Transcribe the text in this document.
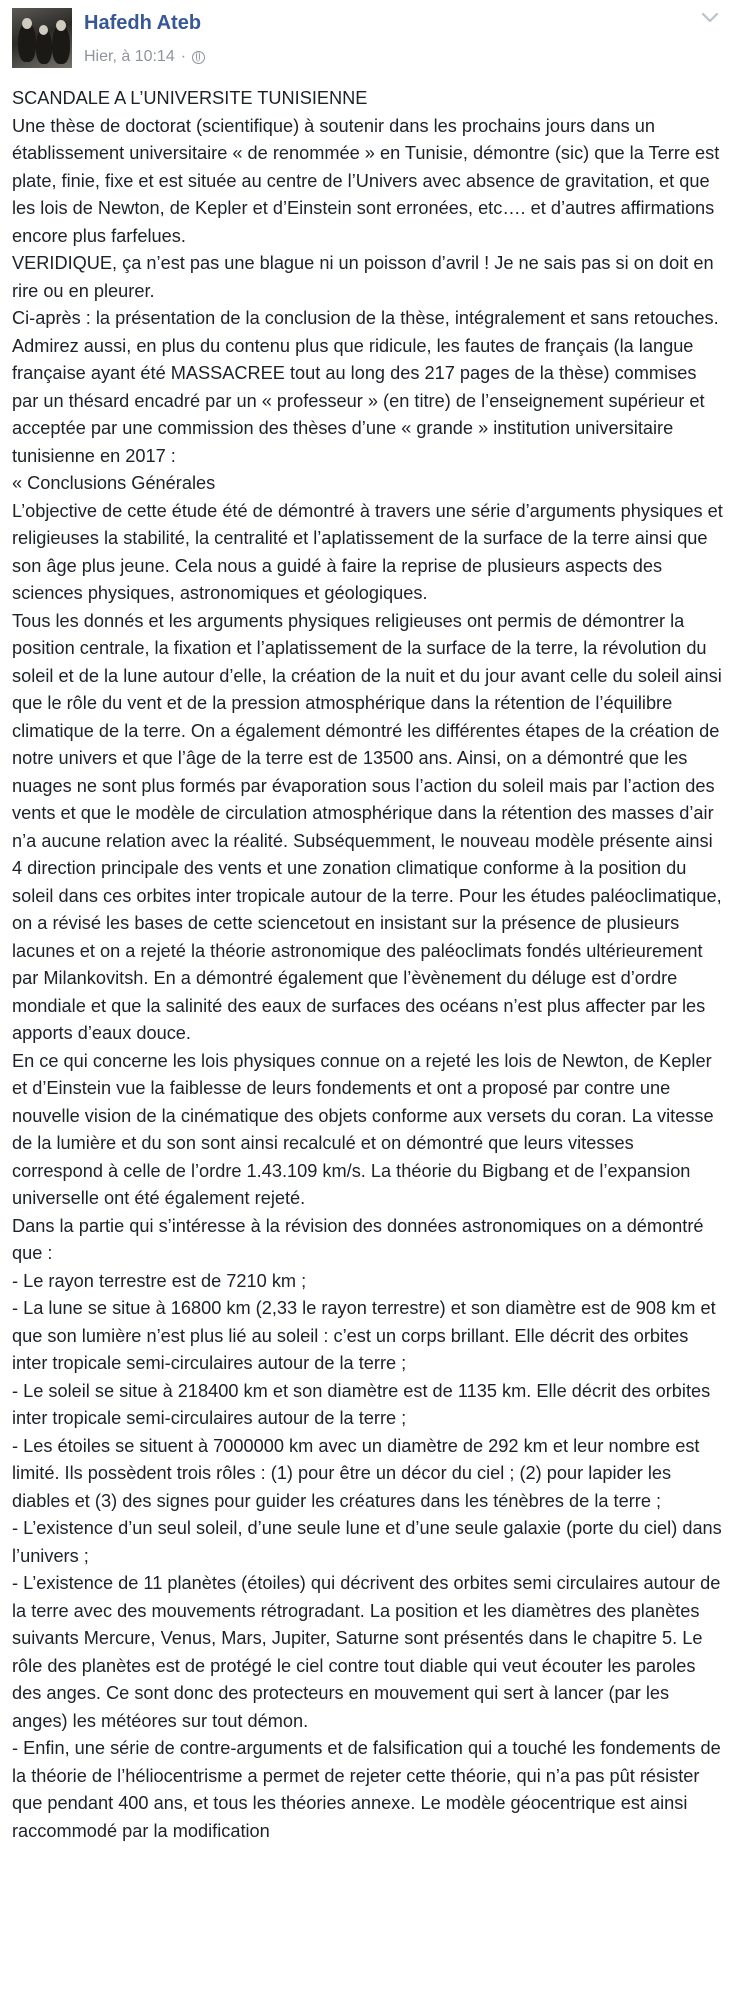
Hafedh Ateb
Hier, à 10:14 ·

SCANDALE A L’UNIVERSITE TUNISIENNE

Une thèse de doctorat (scientifique) à soutenir dans les prochains jours dans un établissement universitaire « de renommée » en Tunisie, démontre (sic) que la Terre est plate, finie, fixe et est située au centre de l’Univers avec absence de gravitation, et que les lois de Newton, de Kepler et d’Einstein sont erronées, etc…. et d’autres affirmations encore plus farfelues.

VERIDIQUE, ça n’est pas une blague ni un poisson d’avril ! Je ne sais pas si on doit en rire ou en pleurer.

Ci-après : la présentation de la conclusion de la thèse, intégralement et sans retouches. Admirez aussi, en plus du contenu plus que ridicule, les fautes de français (la langue française ayant été MASSACREE tout au long des 217 pages de la thèse) commises par un thésard encadré par un « professeur » (en titre) de l’enseignement supérieur et acceptée par une commission des thèses d’une « grande » institution universitaire tunisienne en 2017 :

« Conclusions Générales

L’objective de cette étude été de démontré à travers une série d’arguments physiques et religieuses la stabilité, la centralité et l’aplatissement de la surface de la terre ainsi que son âge plus jeune. Cela nous a guidé à faire la reprise de plusieurs aspects des sciences physiques, astronomiques et géologiques.

Tous les donnés et les arguments physiques religieuses ont permis de démontrer la position centrale, la fixation et l’aplatissement de la surface de la terre, la révolution du soleil et de la lune autour d’elle, la création de la nuit et du jour avant celle du soleil ainsi que le rôle du vent et de la pression atmosphérique dans la rétention de l’équilibre climatique de la terre. On a également démontré les différentes étapes de la création de notre univers et que l’âge de la terre est de 13500 ans. Ainsi, on a démontré que les nuages ne sont plus formés par évaporation sous l’action du soleil mais par l’action des vents et que le modèle de circulation atmosphérique dans la rétention des masses d’air n’a aucune relation avec la réalité. Subséquemment, le nouveau modèle présente ainsi 4 direction principale des vents et une zonation climatique conforme à la position du soleil dans ces orbites inter tropicale autour de la terre. Pour les études paléoclimatique, on a révisé les bases de cette sciencetout en insistant sur la présence de plusieurs lacunes et on a rejeté la théorie astronomique des paléoclimats fondés ultérieurement par Milankovitsh. En a démontré également que l’èvènement du déluge est d’ordre mondiale et que la salinité des eaux de surfaces des océans n’est plus affecter par les apports d’eaux douce.

En ce qui concerne les lois physiques connue on a rejeté les lois de Newton, de Kepler et d’Einstein vue la faiblesse de leurs fondements et ont a proposé par contre une nouvelle vision de la cinématique des objets conforme aux versets du coran. La vitesse de la lumière et du son sont ainsi recalculé et on démontré que leurs vitesses correspond à celle de l’ordre 1.43.109 km/s. La théorie du Bigbang et de l’expansion universelle ont été également rejeté.

Dans la partie qui s’intéresse à la révision des données astronomiques on a démontré que :

- Le rayon terrestre est de 7210 km ;

- La lune se situe à 16800 km (2,33 le rayon terrestre) et son diamètre est de 908 km et que son lumière n’est plus lié au soleil : c’est un corps brillant. Elle décrit des orbites inter tropicale semi-circulaires autour de la terre ;

- Le soleil se situe à 218400 km et son diamètre est de 1135 km. Elle décrit des orbites inter tropicale semi-circulaires autour de la terre ;

- Les étoiles se situent à 7000000 km avec un diamètre de 292 km et leur nombre est limité. Ils possèdent trois rôles : (1) pour être un décor du ciel ; (2) pour lapider les diables et (3) des signes pour guider les créatures dans les ténèbres de la terre ;

- L’existence d’un seul soleil, d’une seule lune et d’une seule galaxie (porte du ciel) dans l’univers ;

- L’existence de 11 planètes (étoiles) qui décrivent des orbites semi circulaires autour de la terre avec des mouvements rétrogradant. La position et les diamètres des planètes suivants Mercure, Venus, Mars, Jupiter, Saturne sont présentés dans le chapitre 5. Le rôle des planètes est de protégé le ciel contre tout diable qui veut écouter les paroles des anges. Ce sont donc des protecteurs en mouvement qui sert à lancer (par les anges) les météores sur tout démon.

- Enfin, une série de contre-arguments et de falsification qui a touché les fondements de la théorie de l’héliocentrisme a permet de rejeter cette théorie, qui n’a pas pût résister que pendant 400 ans, et tous les théories annexe. Le modèle géocentrique est ainsi raccommodé par la modification
